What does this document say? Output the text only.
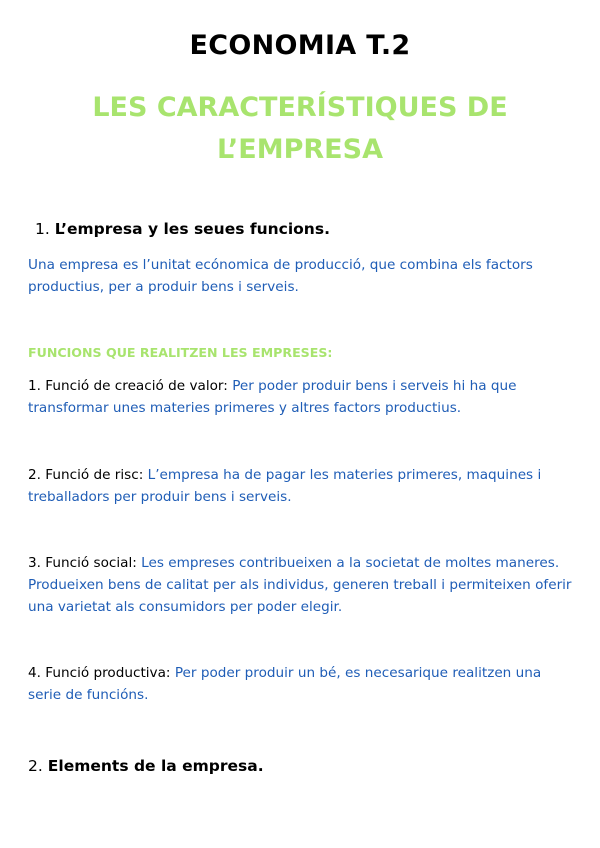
ECONOMIA T.2
LES CARACTERÍSTIQUES DE
L’EMPRESA
1. L’empresa y les seues funcions.
Una empresa es l’unitat ecónomica de producció, que combina els factors productius, per a produir bens i serveis.
FUNCIONS QUE REALITZEN LES EMPRESES:
1. Funció de creació de valor: Per poder produir bens i serveis hi ha que transformar unes materies primeres y altres factors productius.
2. Funció de risc: L’empresa ha de pagar les materies primeres, maquines i treballadors per produir bens i serveis.
3. Funció social: Les empreses contribueixen a la societat de moltes maneres. Produeixen bens de calitat per als individus, generen treball i permiteixen oferir una varietat als consumidors per poder elegir.
4. Funció productiva: Per poder produir un bé, es necesarique realitzen una serie de funcións.
2. Elements de la empresa.
